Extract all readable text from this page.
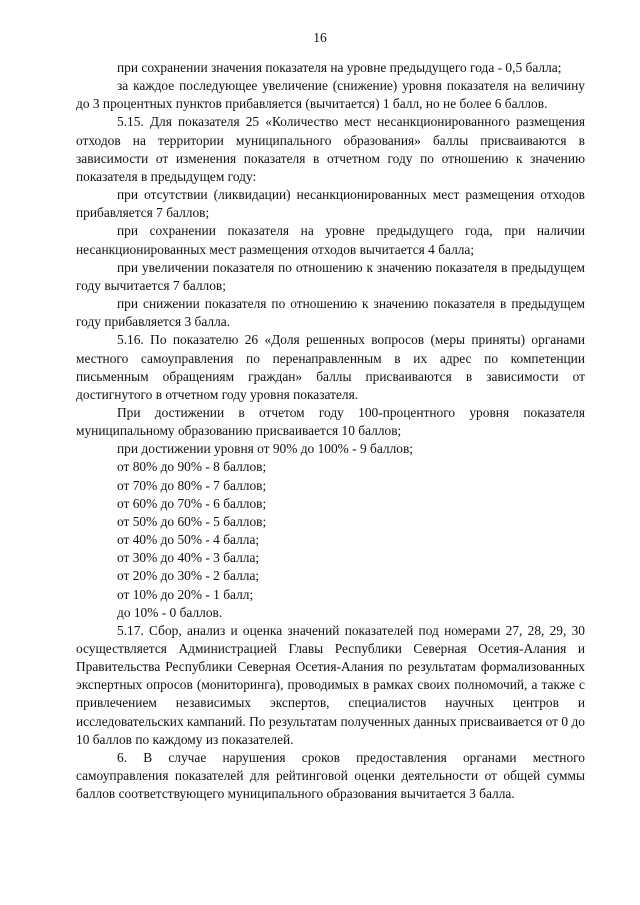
16

при сохранении значения показателя на уровне предыдущего года - 0,5 балла;

за каждое последующее увеличение (снижение) уровня показателя на величину до 3 процентных пунктов прибавляется (вычитается) 1 балл, но не более 6 баллов.

5.15. Для показателя 25 «Количество мест несанкционированного размещения отходов на территории муниципального образования» баллы присваиваются в зависимости от изменения показателя в отчетном году по отношению к значению показателя в предыдущем году:

при отсутствии (ликвидации) несанкционированных мест размещения отходов прибавляется 7 баллов;

при сохранении показателя на уровне предыдущего года, при наличии несанкционированных мест размещения отходов вычитается 4 балла;

при увеличении показателя по отношению к значению показателя в предыдущем году вычитается 7 баллов;

при снижении показателя по отношению к значению показателя в предыдущем году прибавляется 3 балла.

5.16. По показателю 26 «Доля решенных вопросов (меры приняты) органами местного самоуправления по перенаправленным в их адрес по компетенции письменным обращениям граждан» баллы присваиваются в зависимости от достигнутого в отчетном году уровня показателя.

При достижении в отчетом году 100-процентного уровня показателя муниципальному образованию присваивается 10 баллов;

при достижении уровня от 90% до 100% - 9 баллов;

от 80% до 90% - 8 баллов;

от 70% до 80% - 7 баллов;

от 60% до 70% - 6 баллов;

от 50% до 60% - 5 баллов;

от 40% до 50% - 4 балла;

от 30% до 40% - 3 балла;

от 20% до 30% - 2 балла;

от 10% до 20% - 1 балл;

до 10% - 0 баллов.

5.17. Сбор, анализ и оценка значений показателей под номерами 27, 28, 29, 30 осуществляется Администрацией Главы Республики Северная Осетия-Алания и Правительства Республики Северная Осетия-Алания по результатам формализованных экспертных опросов (мониторинга), проводимых в рамках своих полномочий, а также с привлечением независимых экспертов, специалистов научных центров и исследовательских кампаний. По результатам полученных данных присваивается от 0 до 10 баллов по каждому из показателей.

6. В случае нарушения сроков предоставления органами местного самоуправления показателей для рейтинговой оценки деятельности от общей суммы баллов соответствующего муниципального образования вычитается 3 балла.
